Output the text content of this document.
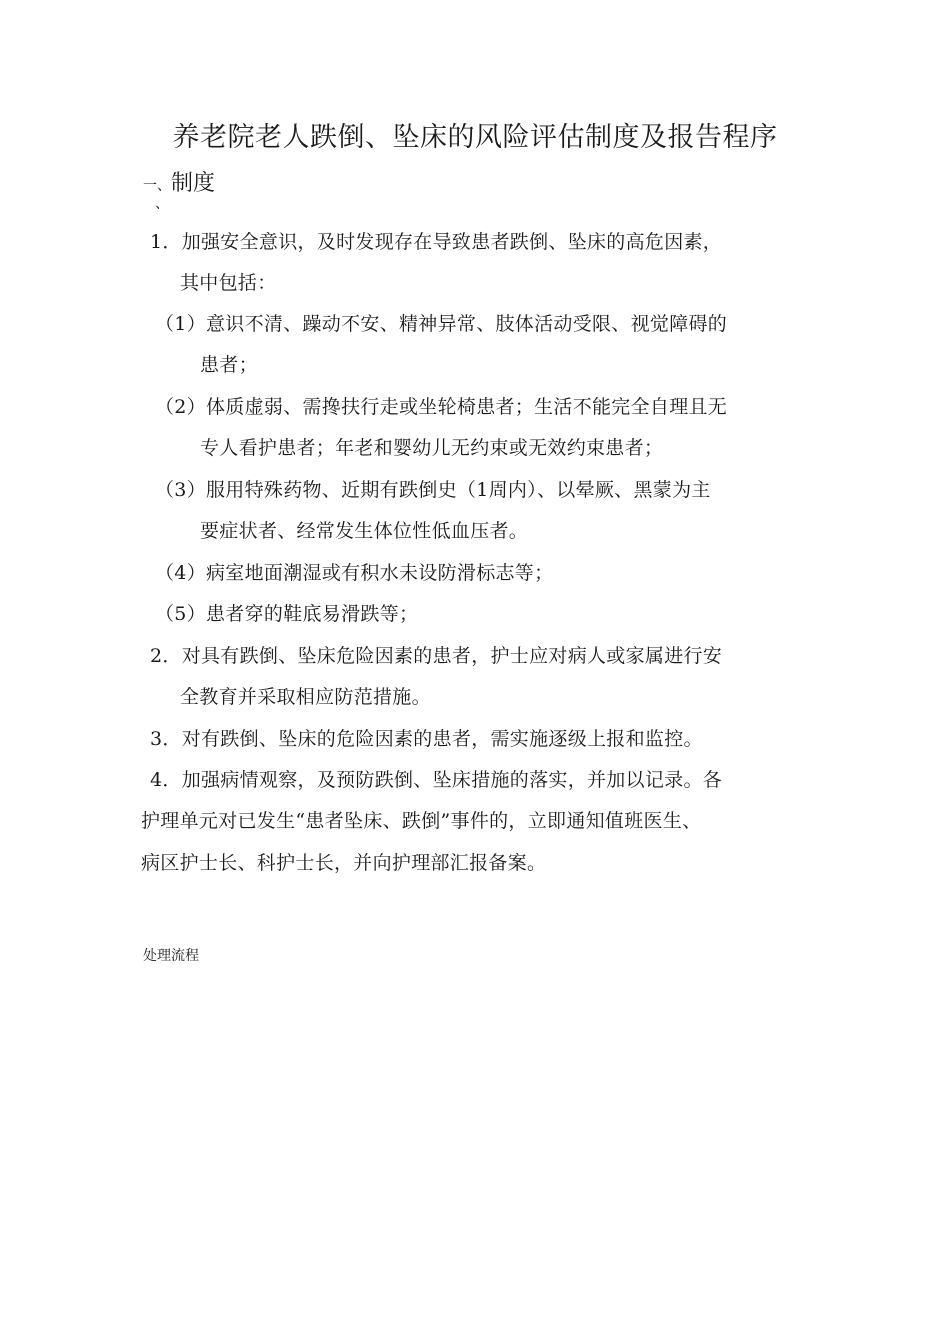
养老院老人跌倒、坠床的风险评估制度及报告程序
一、制度
、
1．加强安全意识，及时发现存在导致患者跌倒、坠床的高危因素，
其中包括：
（1）意识不清、躁动不安、精神异常、肢体活动受限、视觉障碍的
患者；
（2）体质虚弱、需搀扶行走或坐轮椅患者；生活不能完全自理且无
专人看护患者；年老和婴幼儿无约束或无效约束患者；
（3）服用特殊药物、近期有跌倒史（1周内）、以晕厥、黑蒙为主
要症状者、经常发生体位性低血压者。
（4）病室地面潮湿或有积水未设防滑标志等；
（5）患者穿的鞋底易滑跌等；
2．对具有跌倒、坠床危险因素的患者，护士应对病人或家属进行安
全教育并采取相应防范措施。
3．对有跌倒、坠床的危险因素的患者，需实施逐级上报和监控。
4．加强病情观察，及预防跌倒、坠床措施的落实，并加以记录。各
护理单元对已发生“患者坠床、跌倒”事件的，立即通知值班医生、
病区护士长、科护士长，并向护理部汇报备案。
处理流程
